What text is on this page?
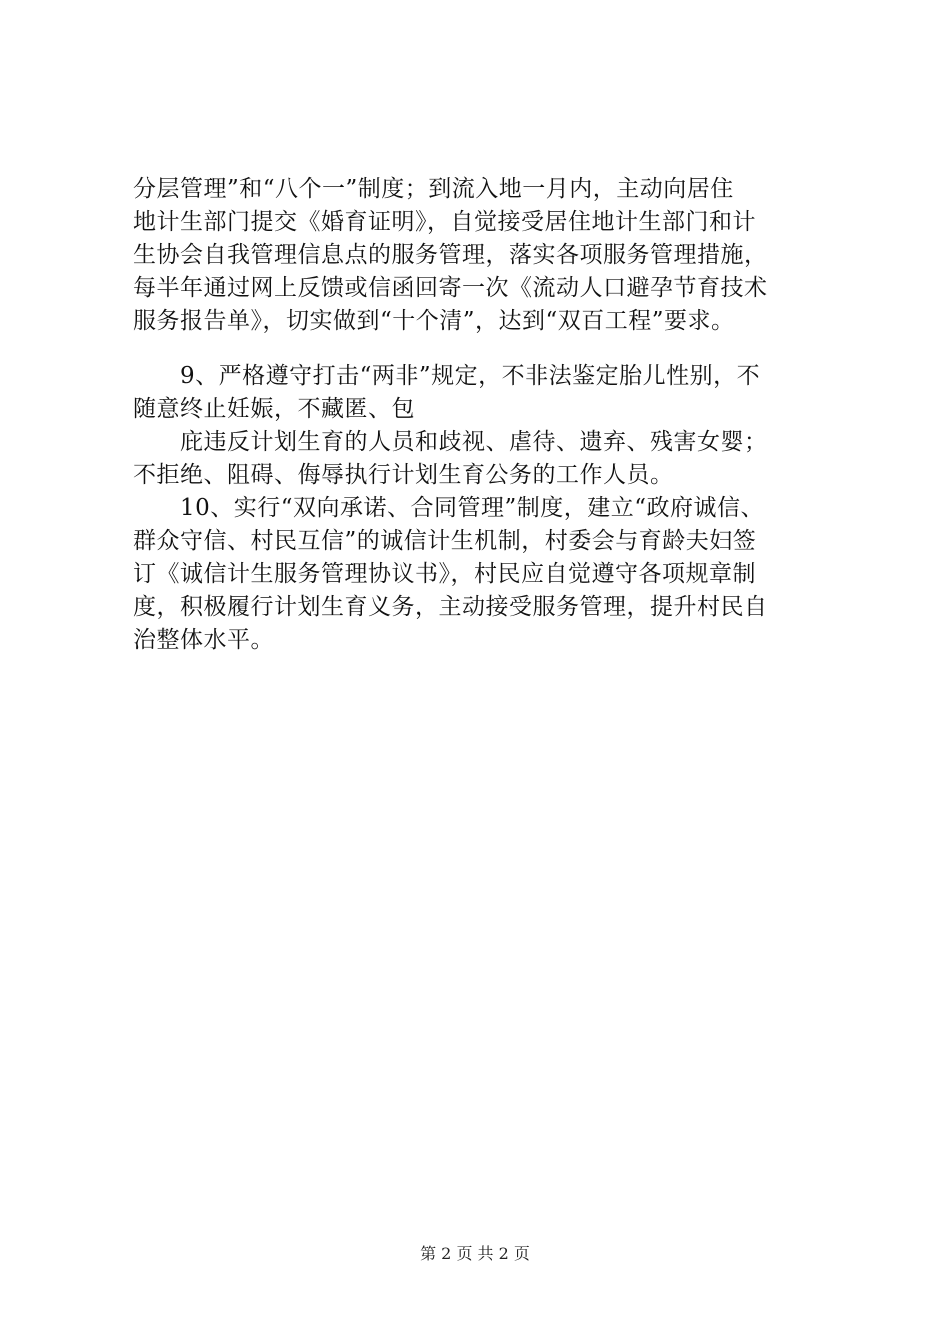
分层管理”和“八个一”制度；到流入地一月内，主动向居住
地计生部门提交《婚育证明》，自觉接受居住地计生部门和计
生协会自我管理信息点的服务管理，落实各项服务管理措施，
每半年通过网上反馈或信函回寄一次《流动人口避孕节育技术
服务报告单》，切实做到“十个清”，达到“双百工程”要求。
9、严格遵守打击“两非”规定，不非法鉴定胎儿性别，不
随意终止妊娠，不藏匿、包
庇违反计划生育的人员和歧视、虐待、遗弃、残害女婴；
不拒绝、阻碍、侮辱执行计划生育公务的工作人员。
10、实行“双向承诺、合同管理”制度，建立“政府诚信、
群众守信、村民互信”的诚信计生机制，村委会与育龄夫妇签
订《诚信计生服务管理协议书》，村民应自觉遵守各项规章制
度，积极履行计划生育义务，主动接受服务管理，提升村民自
治整体水平。
第 2 页 共 2 页
